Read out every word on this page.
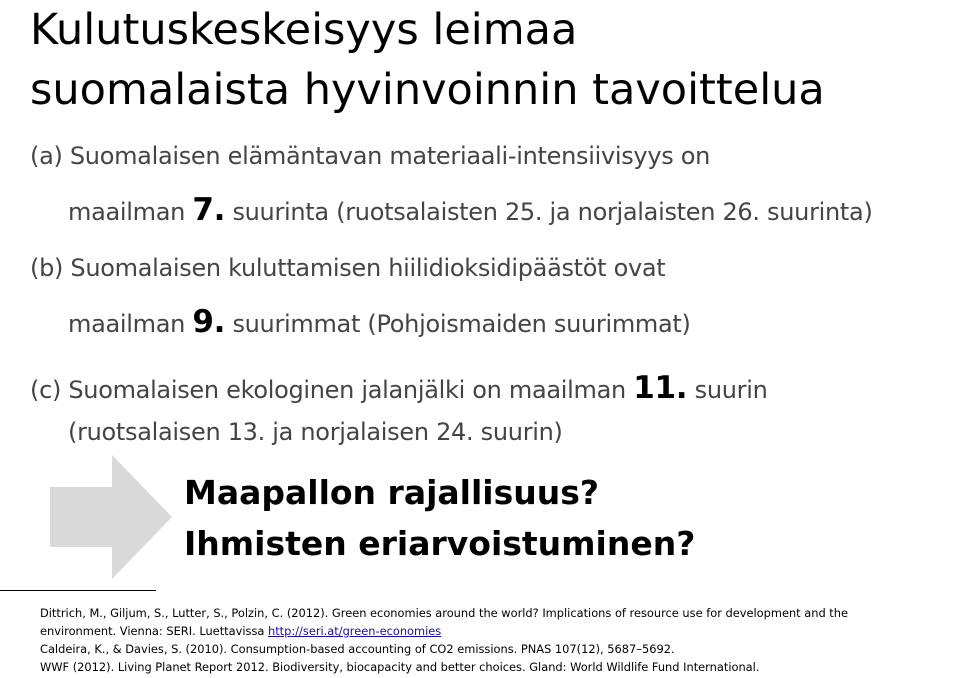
Kulutuskeskeisyys leimaa
suomalaista hyvinvoinnin tavoittelua
(a) Suomalaisen elämäntavan materiaali-intensiivisyys on
maailman 7. suurinta (ruotsalaisten 25. ja norjalaisten 26. suurinta)
(b) Suomalaisen kuluttamisen hiilidioksidipäästöt ovat
maailman 9. suurimmat (Pohjoismaiden suurimmat)
(c) Suomalaisen ekologinen jalanjälki on maailman 11. suurin
(ruotsalaisen 13. ja norjalaisen 24. suurin)
Maapallon rajallisuus?
Ihmisten eriarvoistuminen?
Dittrich, M., Giljum, S., Lutter, S., Polzin, C. (2012). Green economies around the world? Implications of resource use for development and the
environment. Vienna: SERI. Luettavissa http://seri.at/green-economies
Caldeira, K., & Davies, S. (2010). Consumption-based accounting of CO2 emissions. PNAS 107(12), 5687–5692.
WWF (2012). Living Planet Report 2012. Biodiversity, biocapacity and better choices. Gland: World Wildlife Fund International.
